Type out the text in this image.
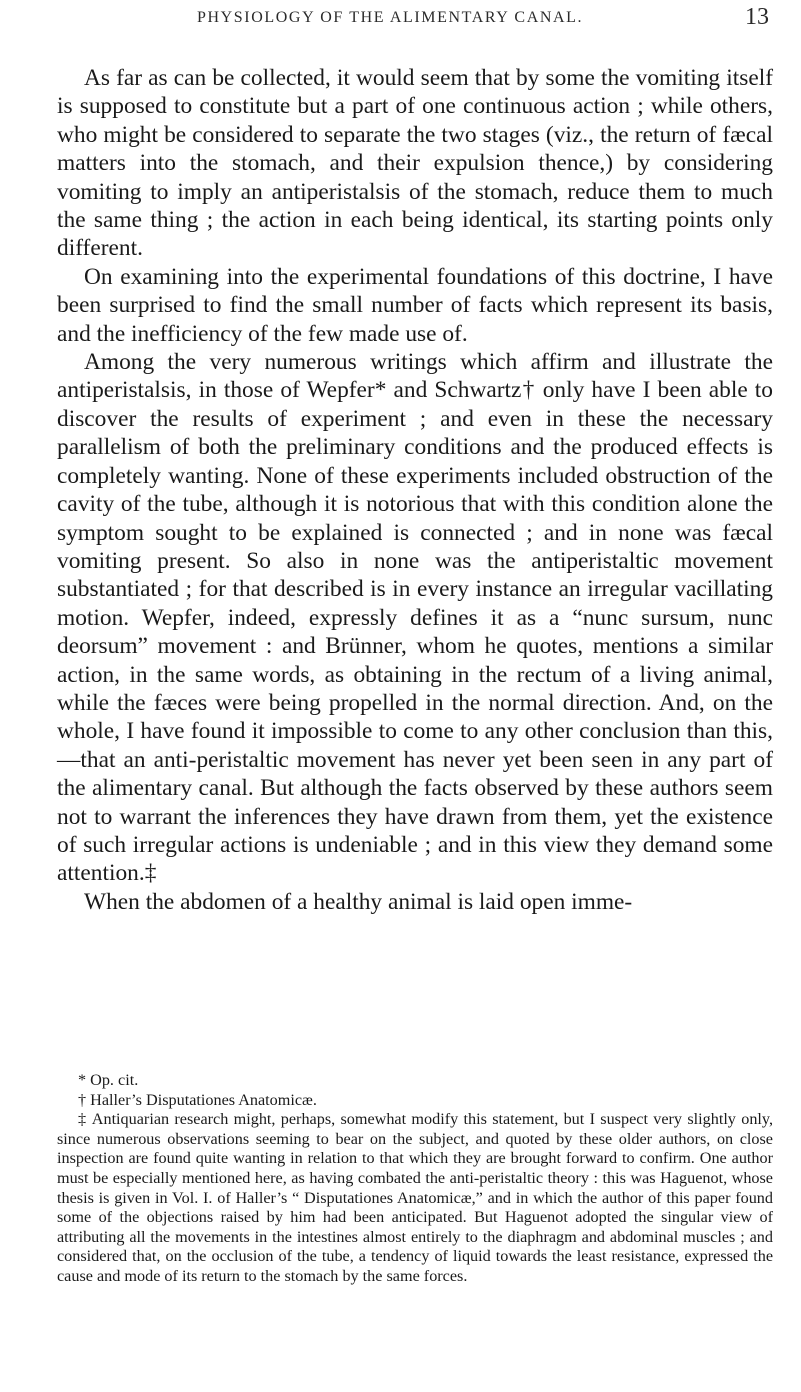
PHYSIOLOGY OF THE ALIMENTARY CANAL.	13

As far as can be collected, it would seem that by some the vomiting itself is supposed to constitute but a part of one continuous action ; while others, who might be considered to separate the two stages (viz., the return of fæcal matters into the stomach, and their expulsion thence,) by considering vomiting to imply an antiperistalsis of the stomach, reduce them to much the same thing ; the action in each being identical, its starting points only different.

On examining into the experimental foundations of this doctrine, I have been surprised to find the small number of facts which represent its basis, and the inefficiency of the few made use of.

Among the very numerous writings which affirm and illustrate the antiperistalsis, in those of Wepfer* and Schwartz† only have I been able to discover the results of experiment ; and even in these the necessary parallelism of both the preliminary conditions and the produced effects is completely wanting. None of these experiments included obstruction of the cavity of the tube, although it is notorious that with this condition alone the symptom sought to be explained is connected ; and in none was fæcal vomiting present. So also in none was the antiperistaltic movement substantiated ; for that described is in every instance an irregular vacillating motion. Wepfer, indeed, expressly defines it as a “nunc sursum, nunc deorsum” movement : and Brünner, whom he quotes, mentions a similar action, in the same words, as obtaining in the rectum of a living animal, while the fæces were being propelled in the normal direction. And, on the whole, I have found it impossible to come to any other conclusion than this,—that an anti-peristaltic movement has never yet been seen in any part of the alimentary canal. But although the facts observed by these authors seem not to warrant the inferences they have drawn from them, yet the existence of such irregular actions is undeniable ; and in this view they demand some attention.‡

When the abdomen of a healthy animal is laid open imme-

* Op. cit.

† Haller’s Disputationes Anatomicæ.

‡ Antiquarian research might, perhaps, somewhat modify this statement, but I suspect very slightly only, since numerous observations seeming to bear on the subject, and quoted by these older authors, on close inspection are found quite wanting in relation to that which they are brought forward to confirm. One author must be especially mentioned here, as having combated the anti-peristaltic theory : this was Haguenot, whose thesis is given in Vol. I. of Haller’s “ Disputationes Anatomicæ,” and in which the author of this paper found some of the objections raised by him had been anticipated. But Haguenot adopted the singular view of attributing all the movements in the intestines almost entirely to the diaphragm and abdominal muscles ; and considered that, on the occlusion of the tube, a tendency of liquid towards the least resistance, expressed the cause and mode of its return to the stomach by the same forces.
